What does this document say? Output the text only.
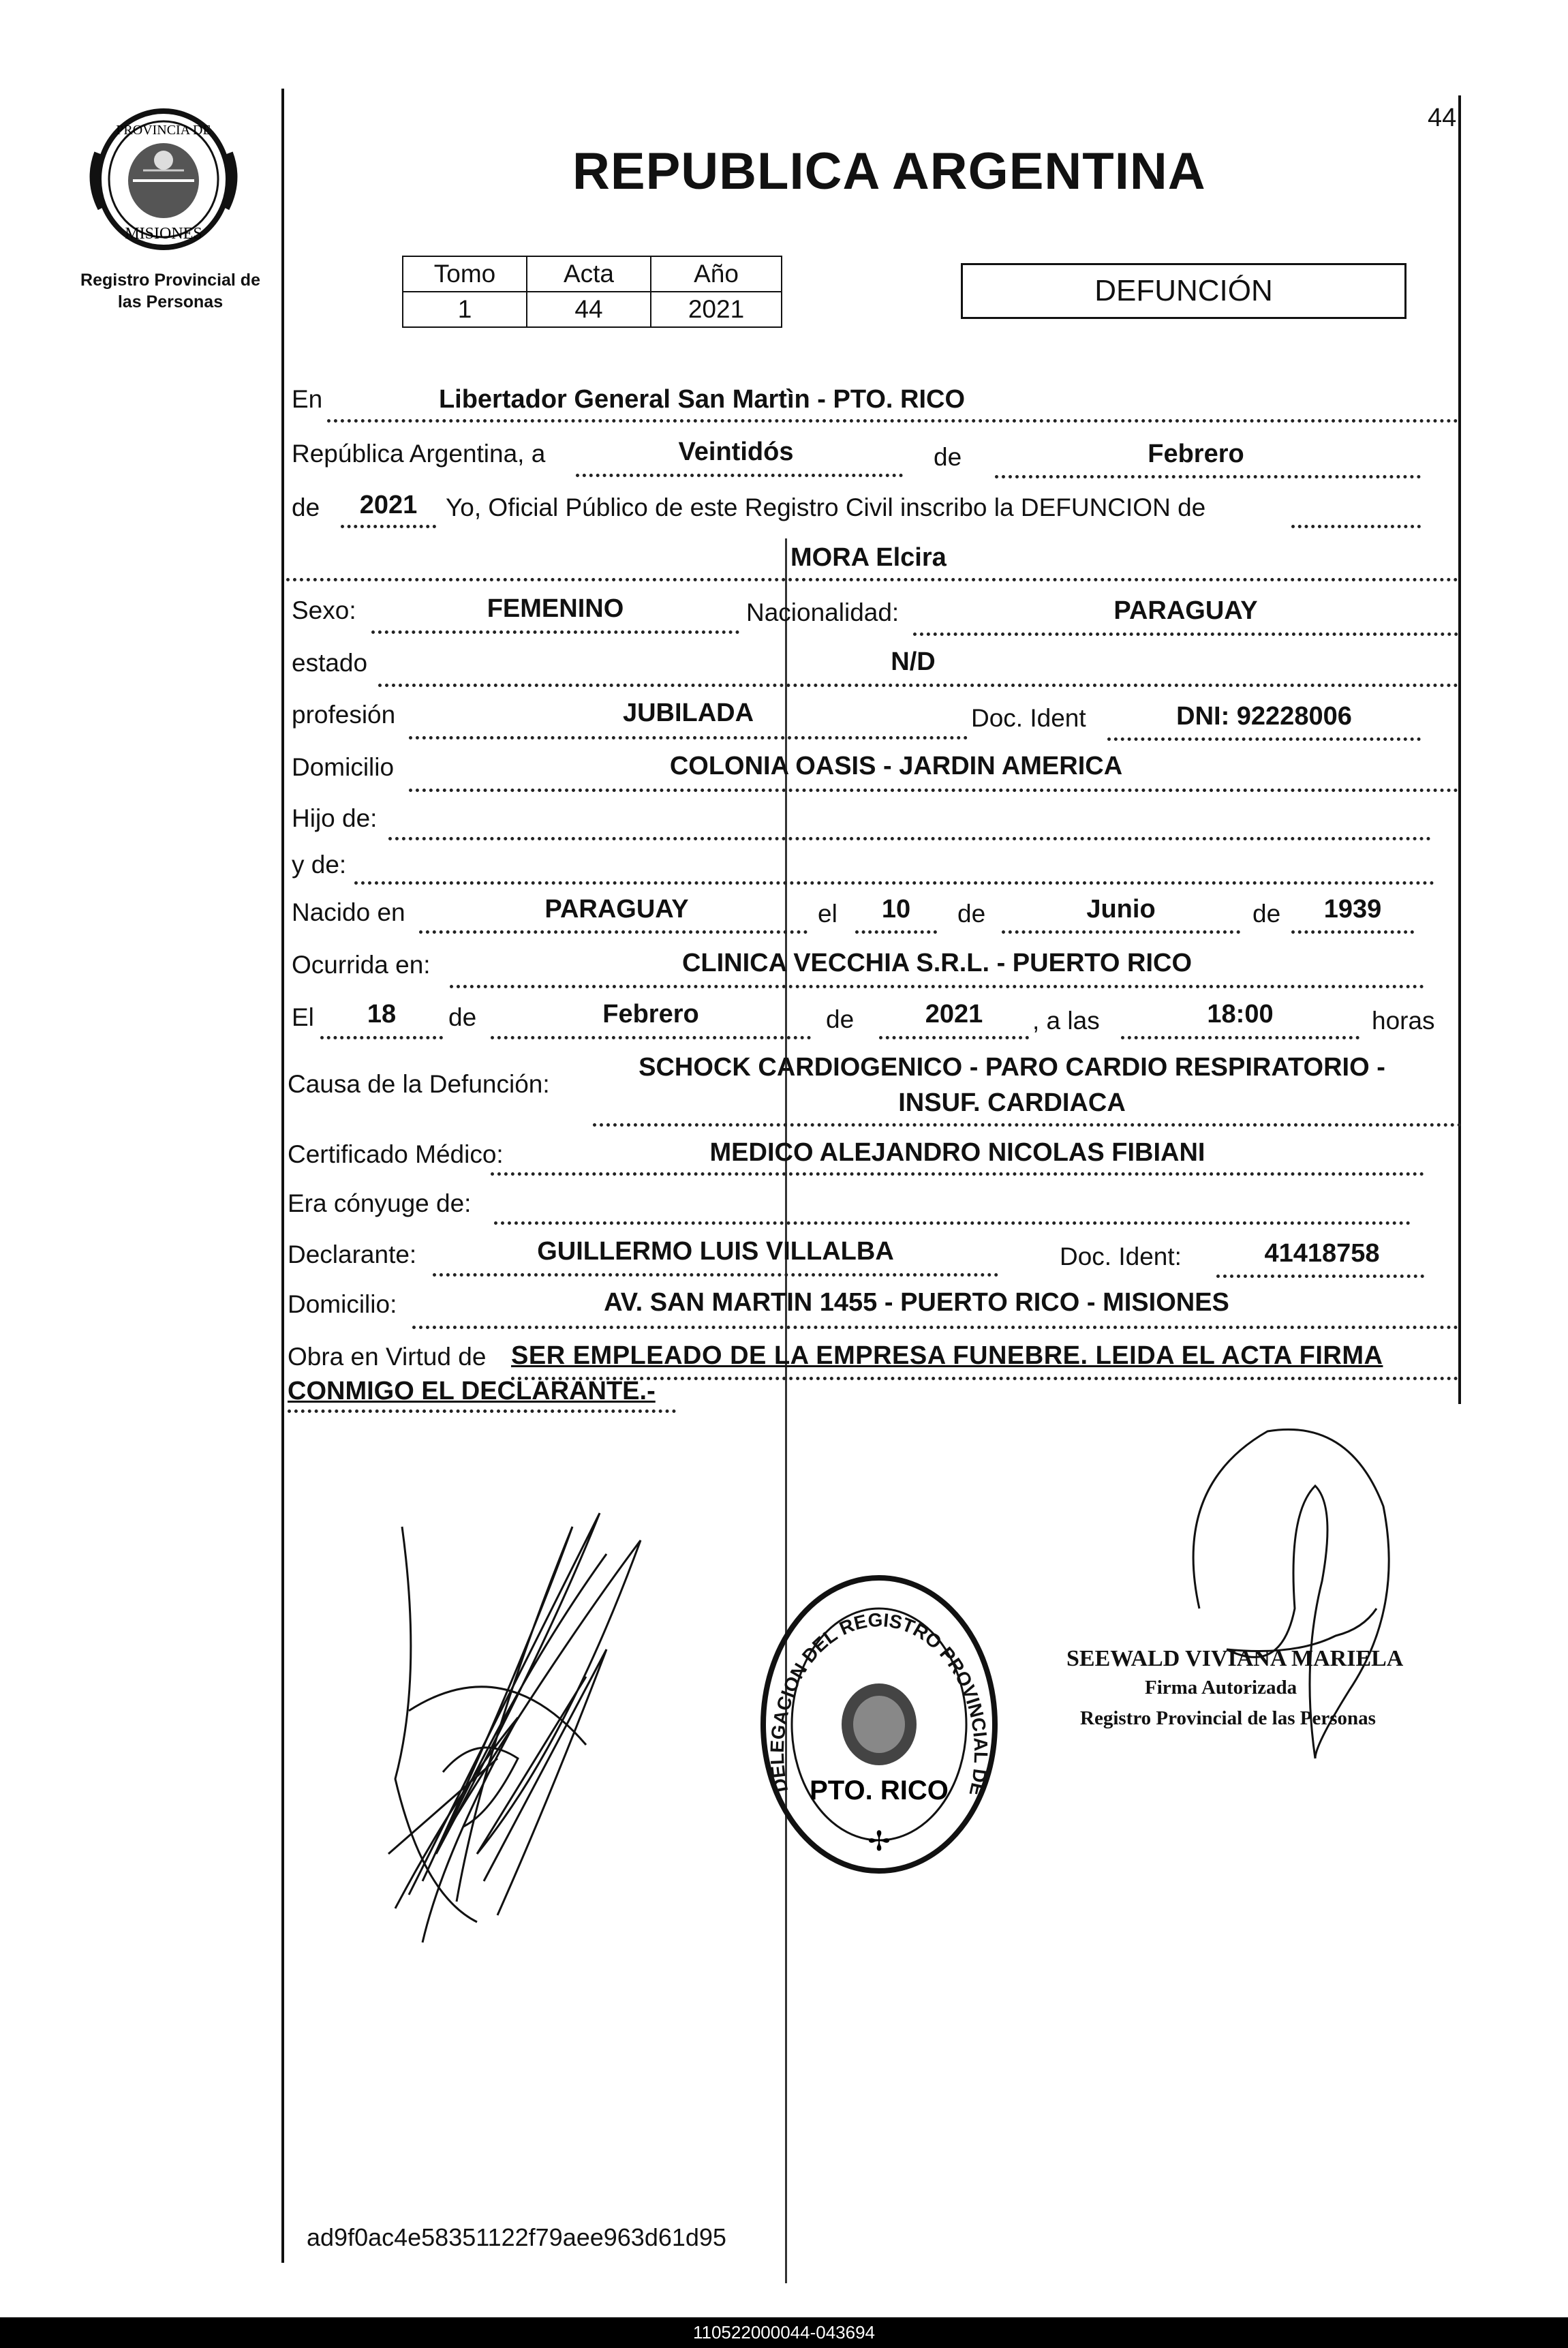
44
PROVINCIA DE
MISIONES
Registro Provincial de las Personas
REPUBLICA ARGENTINA
Tomo	Acta	Año
1	44	2021
DEFUNCIÓN
En	Libertador General San Martìn - PTO. RICO
República Argentina, a	Veintidós	de	Febrero
de	2021	Yo, Oficial Público de este Registro Civil inscribo la DEFUNCION de
MORA Elcira
Sexo:	FEMENINO	Nacionalidad:	PARAGUAY
estado	N/D
profesión	JUBILADA	Doc. Ident	DNI: 92228006
Domicilio	COLONIA OASIS - JARDIN AMERICA
Hijo de:
y de:
Nacido en	PARAGUAY	el	10	de	Junio	de	1939
Ocurrida en:	CLINICA VECCHIA S.R.L. - PUERTO RICO
El	18	de	Febrero	de	2021	, a las	18:00	horas
Causa de la Defunción:
SCHOCK CARDIOGENICO - PARO CARDIO RESPIRATORIO -
INSUF. CARDIACA
Certificado Médico:	MEDICO ALEJANDRO NICOLAS FIBIANI
Era cónyuge de:
Declarante:	GUILLERMO LUIS VILLALBA	Doc. Ident:	41418758
Domicilio:	AV. SAN MARTIN 1455 - PUERTO RICO - MISIONES
Obra en Virtud de SER EMPLEADO DE LA EMPRESA FUNEBRE. LEIDA EL ACTA FIRMA
CONMIGO EL DECLARANTE.-
DELEGACION DEL REGISTRO PROVINCIAL DE
PTO. RICO
✢
SEEWALD VIVIANA MARIELA
Firma Autorizada
Registro Provincial de las Personas
ad9f0ac4e58351122f79aee963d61d95
110522000044-043694
